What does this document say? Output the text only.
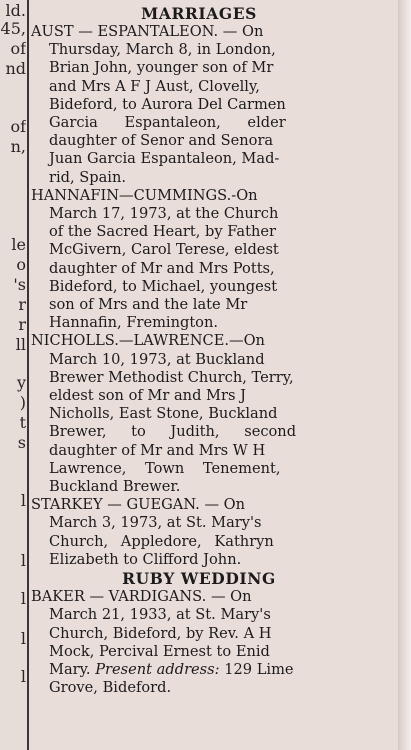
ld.
45,
of
nd
of
n,
le
o
's
r
r
ll
y
)
t
s
l
l
l
l
l
MARRIAGES

AUST — ESPANTALEON. — On

Thursday, March 8, in London,

Brian John, younger son of Mr

and Mrs A F J Aust, Clovelly,

Bideford, to Aurora Del Carmen

Garcia Espantaleon, elder

daughter of Senor and Senora

Juan Garcia Espantaleon, Mad-

rid, Spain.

HANNAFIN—CUMMINGS.-On

March 17, 1973, at the Church

of the Sacred Heart, by Father

McGivern, Carol Terese, eldest

daughter of Mr and Mrs Potts,

Bideford, to Michael, youngest

son of Mrs and the late Mr

Hannafin, Fremington.

NICHOLLS.—LAWRENCE.—On

March 10, 1973, at Buckland

Brewer Methodist Church, Terry,

eldest son of Mr and Mrs J

Nicholls, East Stone, Buckland

Brewer, to Judith, second

daughter of Mr and Mrs W H

Lawrence, Town Tenement,

Buckland Brewer.

STARKEY — GUEGAN. — On

March 3, 1973, at St. Mary's

Church, Appledore, Kathryn

Elizabeth to Clifford John.

RUBY WEDDING

BAKER — VARDIGANS. — On

March 21, 1933, at St. Mary's

Church, Bideford, by Rev. A H

Mock, Percival Ernest to Enid

Mary. Present address: 129 Lime

Grove, Bideford.
